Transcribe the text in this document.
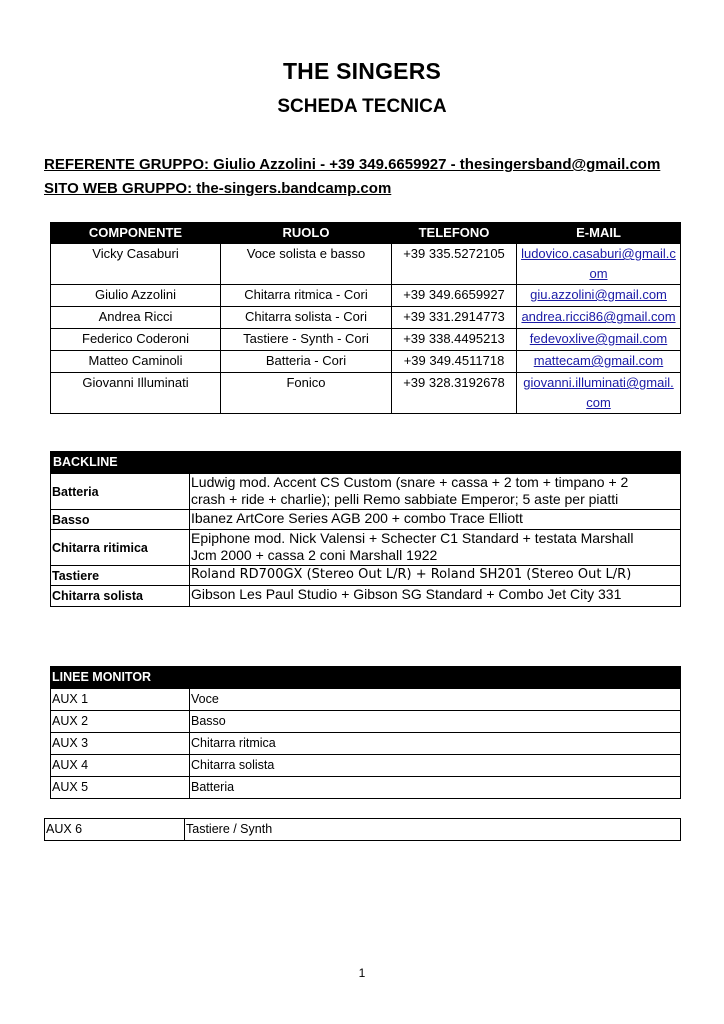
THE SINGERS
SCHEDA TECNICA
REFERENTE GRUPPO: Giulio Azzolini - +39 349.6659927 - thesingersband@gmail.com
SITO WEB GRUPPO: the-singers.bandcamp.com
COMPONENTE	RUOLO	TELEFONO	E-MAIL
Vicky Casaburi	Voce solista e basso	+39 335.5272105	ludovico.casaburi@gmail.c
om
Giulio Azzolini	Chitarra ritmica - Cori	+39 349.6659927	giu.azzolini@gmail.com
Andrea Ricci	Chitarra solista - Cori	+39 331.2914773	andrea.ricci86@gmail.com
Federico Coderoni	Tastiere - Synth - Cori	+39 338.4495213	fedevoxlive@gmail.com
Matteo Caminoli	Batteria - Cori	+39 349.4511718	mattecam@gmail.com
Giovanni Illuminati	Fonico	+39 328.3192678	giovanni.illuminati@gmail.
com
BACKLINE	
Batteria	Ludwig mod. Accent CS Custom (snare + cassa + 2 tom + timpano + 2
crash + ride + charlie); pelli Remo sabbiate Emperor; 5 aste per piatti
Basso	Ibanez ArtCore Series AGB 200 + combo Trace Elliott
Chitarra ritimica	Epiphone mod. Nick Valensi + Schecter C1 Standard + testata Marshall
Jcm 2000 + cassa 2 coni Marshall 1922
Tastiere	Roland RD700GX (Stereo Out L/R) + Roland SH201 (Stereo Out L/R)
Chitarra solista	Gibson Les Paul Studio + Gibson SG Standard + Combo Jet City 331
LINEE MONITOR	
AUX 1	Voce
AUX 2	Basso
AUX 3	Chitarra ritmica
AUX 4	Chitarra solista
AUX 5	Batteria
AUX 6	Tastiere / Synth
1
